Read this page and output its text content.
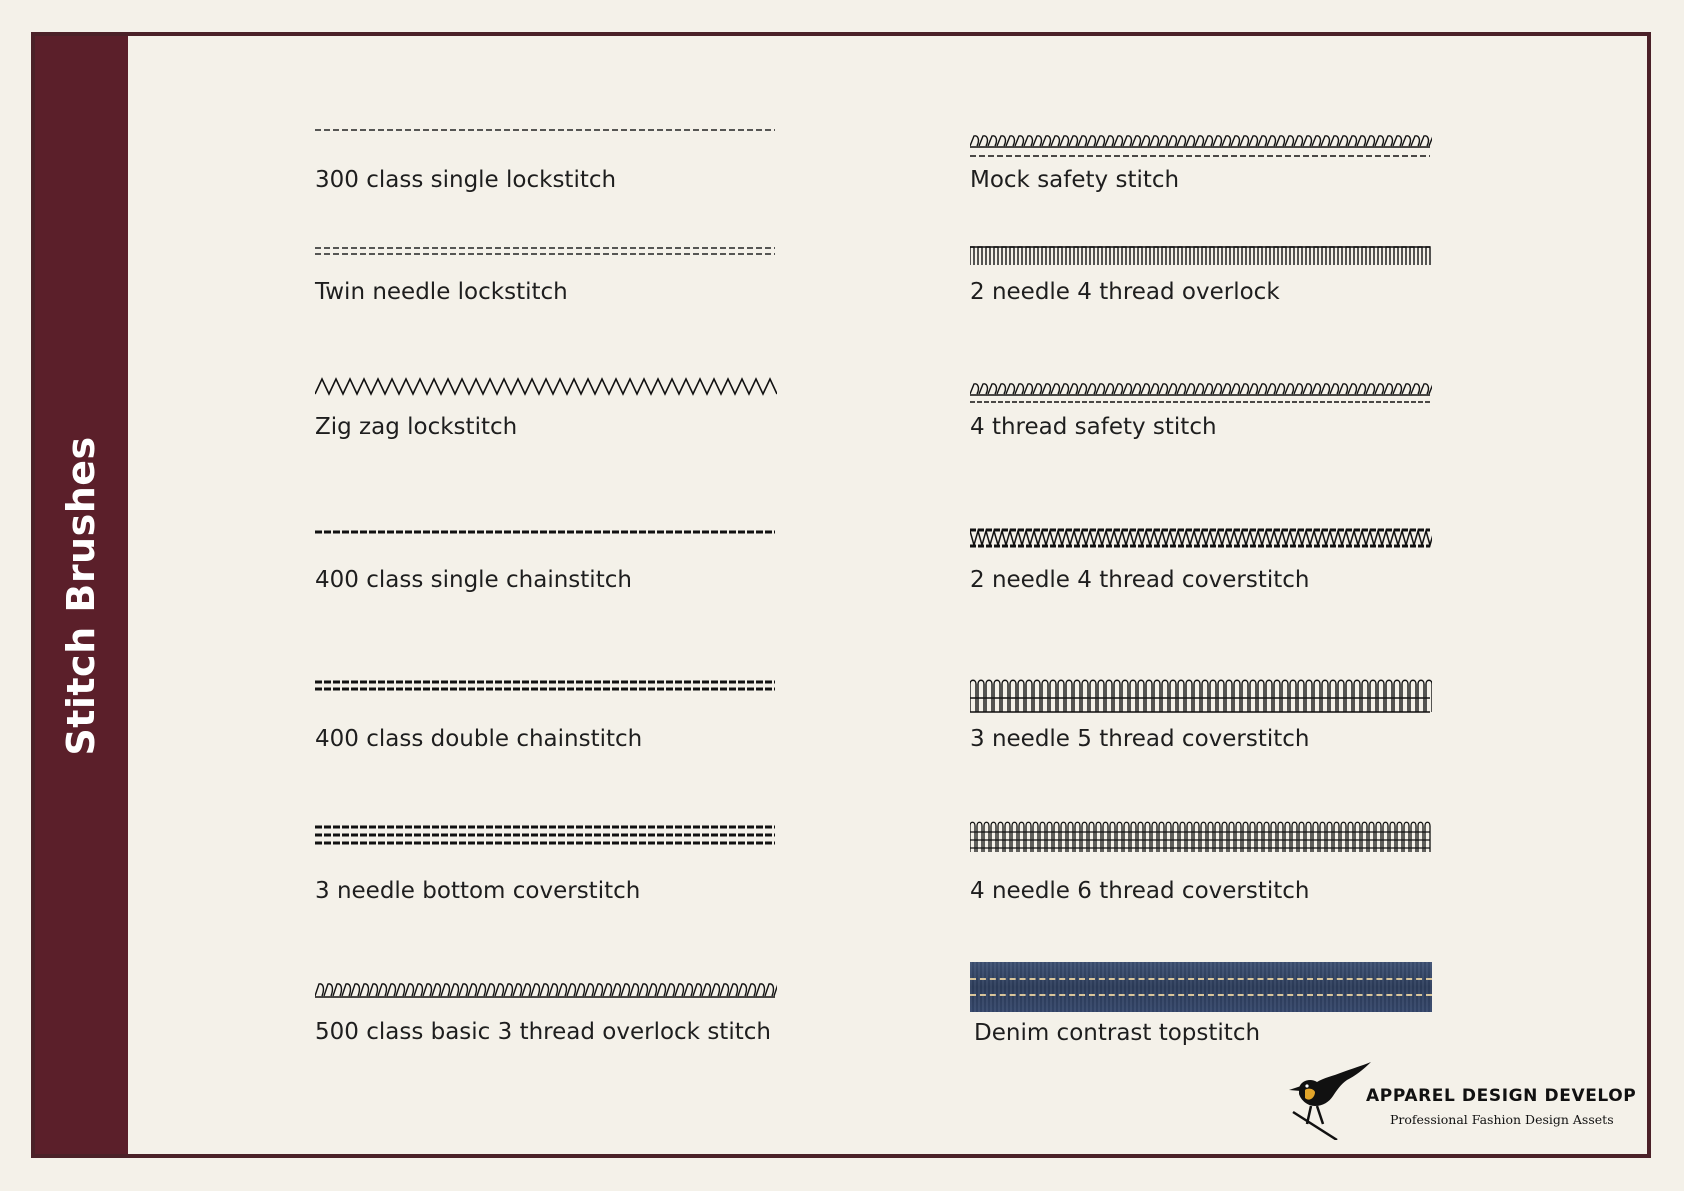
Stitch Brushes
300 class single lockstitch
Twin needle lockstitch
Zig zag lockstitch
400 class single chainstitch
400 class double chainstitch
3 needle bottom coverstitch
500 class basic 3 thread overlock stitch
Mock safety stitch
2 needle 4 thread overlock
4 thread safety stitch
2 needle 4 thread coverstitch
3 needle 5 thread coverstitch
4 needle 6 thread coverstitch
Denim contrast topstitch
APPAREL DESIGN DEVELOP
Professional Fashion Design Assets
